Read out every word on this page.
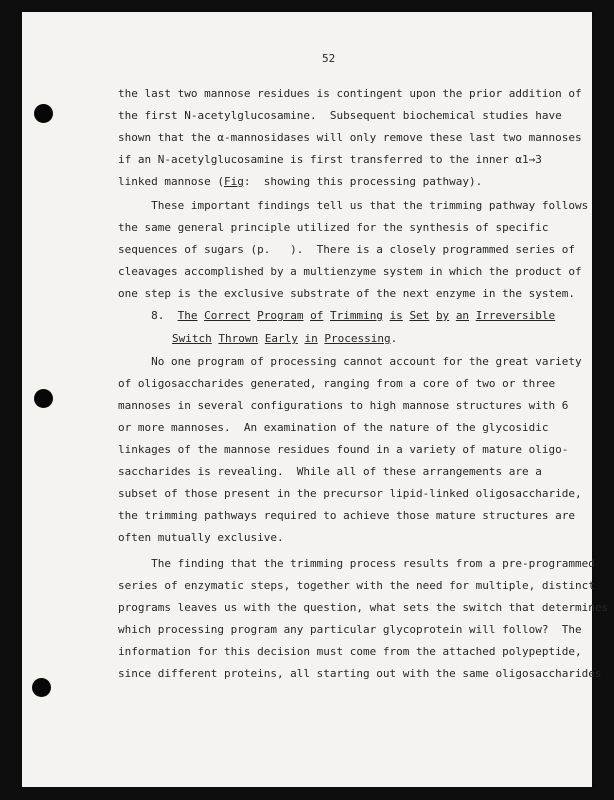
52
the last two mannose residues is contingent upon the prior addition of
the first N-acetylglucosamine.  Subsequent biochemical studies have
shown that the α-mannosidases will only remove these last two mannoses
if an N-acetylglucosamine is first transferred to the inner α1→3
linked mannose (Fig:  showing this processing pathway).
These important findings tell us that the trimming pathway follows
the same general principle utilized for the synthesis of specific
sequences of sugars (p.   ).  There is a closely programmed series of
cleavages accomplished by a multienzyme system in which the product of
one step is the exclusive substrate of the next enzyme in the system.
8.  The Correct Program of Trimming is Set by an Irreversible
Switch Thrown Early in Processing.
No one program of processing cannot account for the great variety
of oligosaccharides generated, ranging from a core of two or three
mannoses in several configurations to high mannose structures with 6
or more mannoses.  An examination of the nature of the glycosidic
linkages of the mannose residues found in a variety of mature oligo-
saccharides is revealing.  While all of these arrangements are a
subset of those present in the precursor lipid-linked oligosaccharide,
the trimming pathways required to achieve those mature structures are
often mutually exclusive.
The finding that the trimming process results from a pre-programmed
series of enzymatic steps, together with the need for multiple, distinct
programs leaves us with the question, what sets the switch that determines
which processing program any particular glycoprotein will follow?  The
information for this decision must come from the attached polypeptide,
since different proteins, all starting out with the same oligosaccharides
